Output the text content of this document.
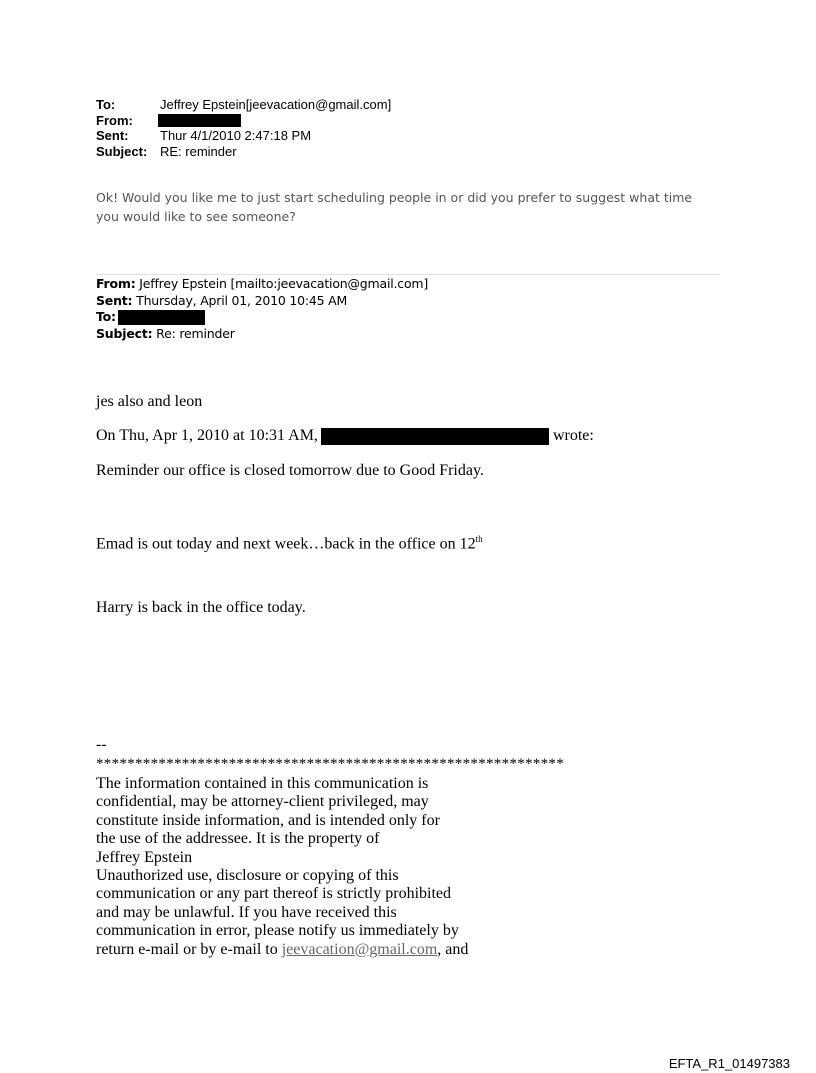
To:	Jeffrey Epstein[jeevacation@gmail.com]
From:
Sent:	Thur 4/1/2010 2:47:18 PM
Subject: RE: reminder
Ok! Would you like me to just start scheduling people in or did you prefer to suggest what time you would like to see someone?
From: Jeffrey Epstein [mailto:jeevacation@gmail.com]
Sent: Thursday, April 01, 2010 10:45 AM
To:
Subject: Re: reminder
jes also and leon
On Thu, Apr 1, 2010 at 10:31 AM,	wrote:
Reminder our office is closed tomorrow due to Good Friday.
Emad is out today and next week…back in the office on 12th
Harry is back in the office today.
--
************************************************************
The information contained in this communication is
confidential, may be attorney-client privileged, may
constitute inside information, and is intended only for
the use of the addressee. It is the property of
Jeffrey Epstein
Unauthorized use, disclosure or copying of this
communication or any part thereof is strictly prohibited
and may be unlawful. If you have received this
communication in error, please notify us immediately by
return e-mail or by e-mail to jeevacation@gmail.com, and
EFTA_R1_01497383
